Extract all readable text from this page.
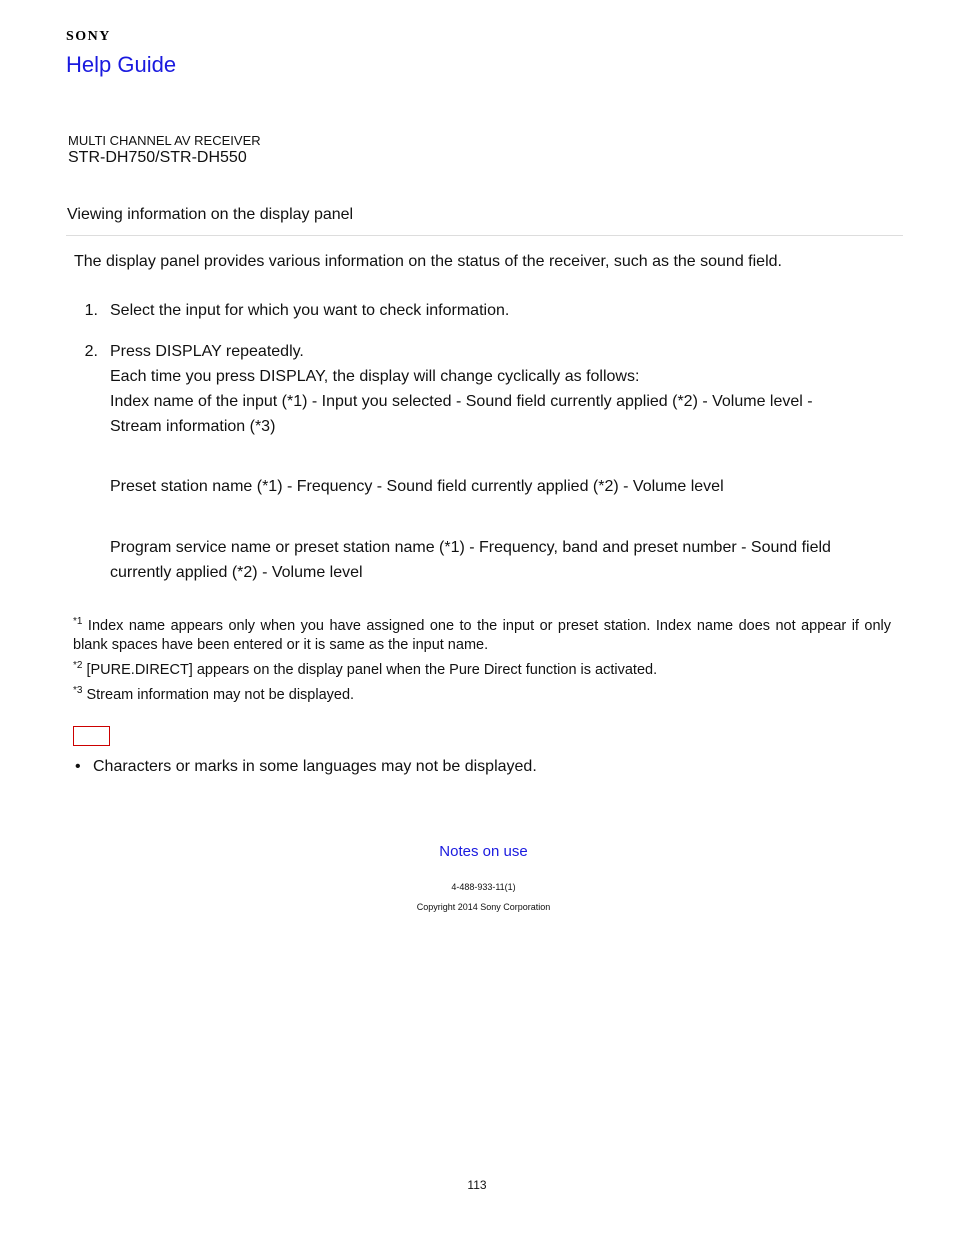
SONY
Help Guide
MULTI CHANNEL AV RECEIVER
STR-DH750/STR-DH550
Viewing information on the display panel
The display panel provides various information on the status of the receiver, such as the sound field.
1. Select the input for which you want to check information.
2. Press DISPLAY repeatedly.
Each time you press DISPLAY, the display will change cyclically as follows:
Index name of the input (*1) - Input you selected - Sound field currently applied (*2) - Volume level -
Stream information (*3)
Preset station name (*1) - Frequency - Sound field currently applied (*2) - Volume level
Program service name or preset station name (*1) - Frequency, band and preset number - Sound field
currently applied (*2) - Volume level
$^{*1}$ Index name appears only when you have assigned one to the input or preset station. Index name does not appear if only blank spaces have been entered or it is same as the input name.
$^{*2}$ [PURE.DIRECT] appears on the display panel when the Pure Direct function is activated.
$^{*3}$ Stream information may not be displayed.
• Characters or marks in some languages may not be displayed.
Notes on use
4-488-933-11(1)
Copyright 2014 Sony Corporation
113
